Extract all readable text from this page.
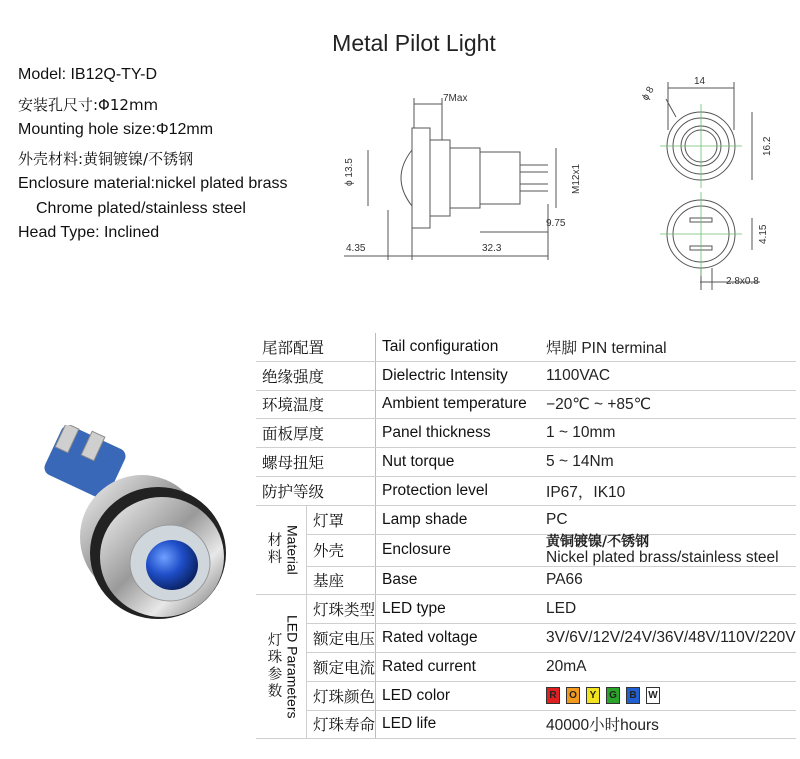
Metal Pilot Light
Model: IB12Q-TY-D
安装孔尺寸:Φ12mm
Mounting hole size:Φ12mm
外壳材料:黄铜镀镍/不锈钢
Enclosure material:nickel plated brass
Chrome plated/stainless steel
Head Type: Inclined
7Max
ϕ 13.5	M12x1
9.75
4.35	32.3
14
ϕ 8
16.2
4.15
2.8x0.8
尾部配置		Tail configuration	焊脚 PIN terminal
绝缘强度		Dielectric Intensity	1100VAC
环境温度		Ambient temperature	−20℃ ~ +85℃
面板厚度		Panel thickness	1 ~ 10mm
螺母扭矩		Nut torque	5 ~ 14Nm
防护等级		Protection level	IP67，IK10

材
料 Material	灯罩	Lamp shade	PC
	外壳	Enclosure	黄铜镀镍/不锈钢
Nickel plated brass/stainless steel

	基座	Base	PA66

灯
珠
参
数 LED Parameters	灯珠类型	LED type	LED
	额定电压	Rated voltage	3V/6V/12V/24V/36V/48V/110V/220V
	额定电流	Rated current	20mA
	灯珠颜色	LED color	R O Y G B W
	灯珠寿命	LED life	40000小时hours
